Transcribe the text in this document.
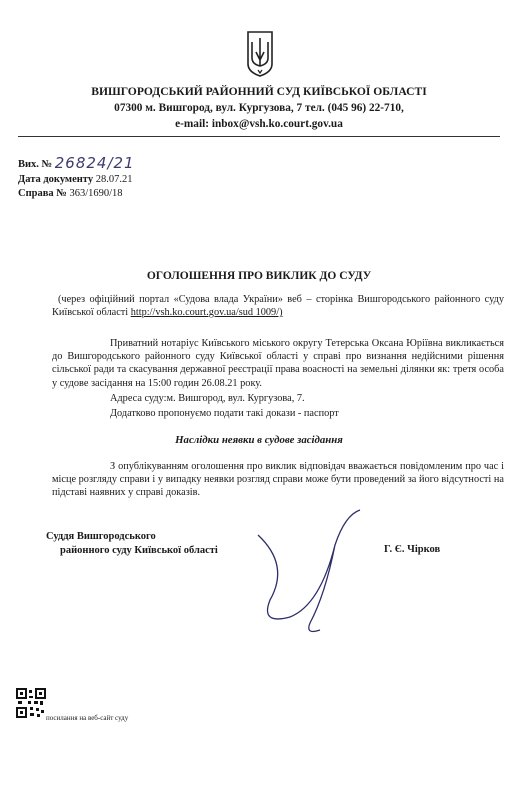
ВИШГОРОДСЬКИЙ РАЙОННИЙ СУД КИЇВСЬКОЇ ОБЛАСТІ
07300 м. Вишгород, вул. Кургузова, 7 тел. (045 96) 22-710,
e-mail: inbox@vsh.ko.court.gov.ua
Вих. № 26824/21
Дата документу 28.07.21
Справа № 363/1690/18
ОГОЛОШЕННЯ ПРО ВИКЛИК ДО СУДУ
(через офіційний портал «Судова влада України» веб – сторінка Вишгородського районного суду Київської області http://vsh.ko.court.gov.ua/sud 1009/)
Приватний нотаріус Київського міського округу Тетерська Оксана Юріївна викликається до Вишгородського районного суду Київської області у справі про визнання недійсними рішення сільської ради та скасування державної реєстрації права воасності на земельні ділянки як: третя особа у судове засідання на 15:00 годин 26.08.21 року.
Адреса суду:м. Вишгород, вул. Кургузова, 7.
Додатково пропонуємо подати такі докази - паспорт
Наслідки неявки в судове засідання
З опублікуванням оголошення про виклик відповідач вважається повідомленим про час і місце розгляду справи і у випадку неявки розгляд справи може бути проведений за його відсутності на підставі наявних у справі доказів.
Суддя Вишгородського
районного суду Київської області	Г. Є. Чірков
посилання на веб-сайт суду
